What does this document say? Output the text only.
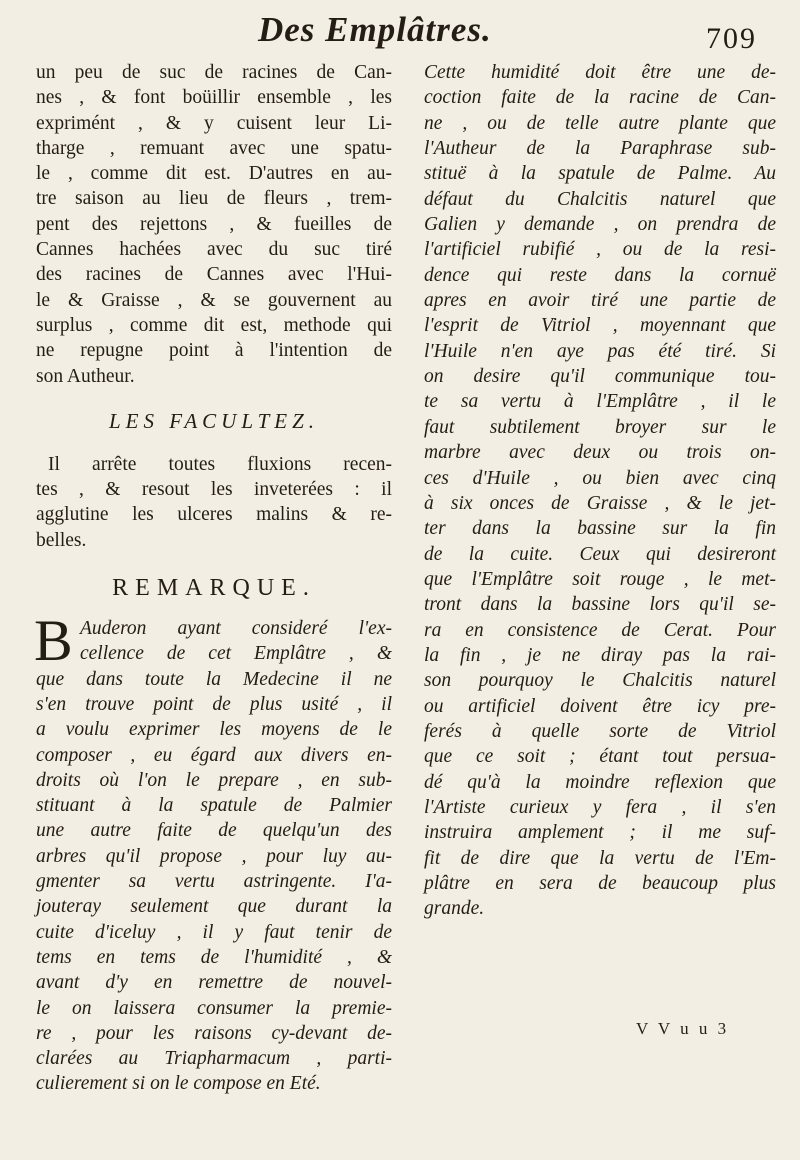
Des Emplâtres.	709
un peu de suc de racines de Can-
nes , & font boüillir ensemble , les
exprimént , & y cuisent leur Li-
tharge , remuant avec une spatu-
le , comme dit est. D'autres en au-
tre saison au lieu de fleurs , trem-
pent des rejettons , & fueilles de
Cannes hachées avec du suc tiré
des racines de Cannes avec l'Hui-
le & Graisse , & se gouvernent au
surplus , comme dit est, methode qui
ne repugne point à l'intention de
son Autheur.
LES FACULTEZ.
Il arrête toutes fluxions recen-
tes , & resout les inveterées : il
agglutine les ulceres malins & re-
belles.
REMARQUE.
B Auderon ayant consideré l'ex-
cellence de cet Emplâtre , &
que dans toute la Medecine il ne
s'en trouve point de plus usité , il
a voulu exprimer les moyens de le
composer , eu égard aux divers en-
droits où l'on le prepare , en sub-
stituant à la spatule de Palmier
une autre faite de quelqu'un des
arbres qu'il propose , pour luy au-
gmenter sa vertu astringente. I'a-
jouteray seulement que durant la
cuite d'iceluy , il y faut tenir de
tems en tems de l'humidité , &
avant d'y en remettre de nouvel-
le on laissera consumer la premie-
re , pour les raisons cy-devant de-
clarées au Triapharmacum , parti-
culierement si on le compose en Eté.
Cette humidité doit être une de-
coction faite de la racine de Can-
ne , ou de telle autre plante que
l'Autheur de la Paraphrase sub-
stituë à la spatule de Palme. Au
défaut du Chalcitis naturel que
Galien y demande , on prendra de
l'artificiel rubifié , ou de la resi-
dence qui reste dans la cornuë
apres en avoir tiré une partie de
l'esprit de Vitriol , moyennant que
l'Huile n'en aye pas été tiré. Si
on desire qu'il communique tou-
te sa vertu à l'Emplâtre , il le
faut subtilement broyer sur le
marbre avec deux ou trois on-
ces d'Huile , ou bien avec cinq
à six onces de Graisse , & le jet-
ter dans la bassine sur la fin
de la cuite. Ceux qui desireront
que l'Emplâtre soit rouge , le met-
tront dans la bassine lors qu'il se-
ra en consistence de Cerat. Pour
la fin , je ne diray pas la rai-
son pourquoy le Chalcitis naturel
ou artificiel doivent être icy pre-
ferés à quelle sorte de Vitriol
que ce soit ; étant tout persua-
dé qu'à la moindre reflexion que
l'Artiste curieux y fera , il s'en
instruira amplement ; il me suf-
fit de dire que la vertu de l'Em-
plâtre en sera de beaucoup plus
grande.
V V u u 3
